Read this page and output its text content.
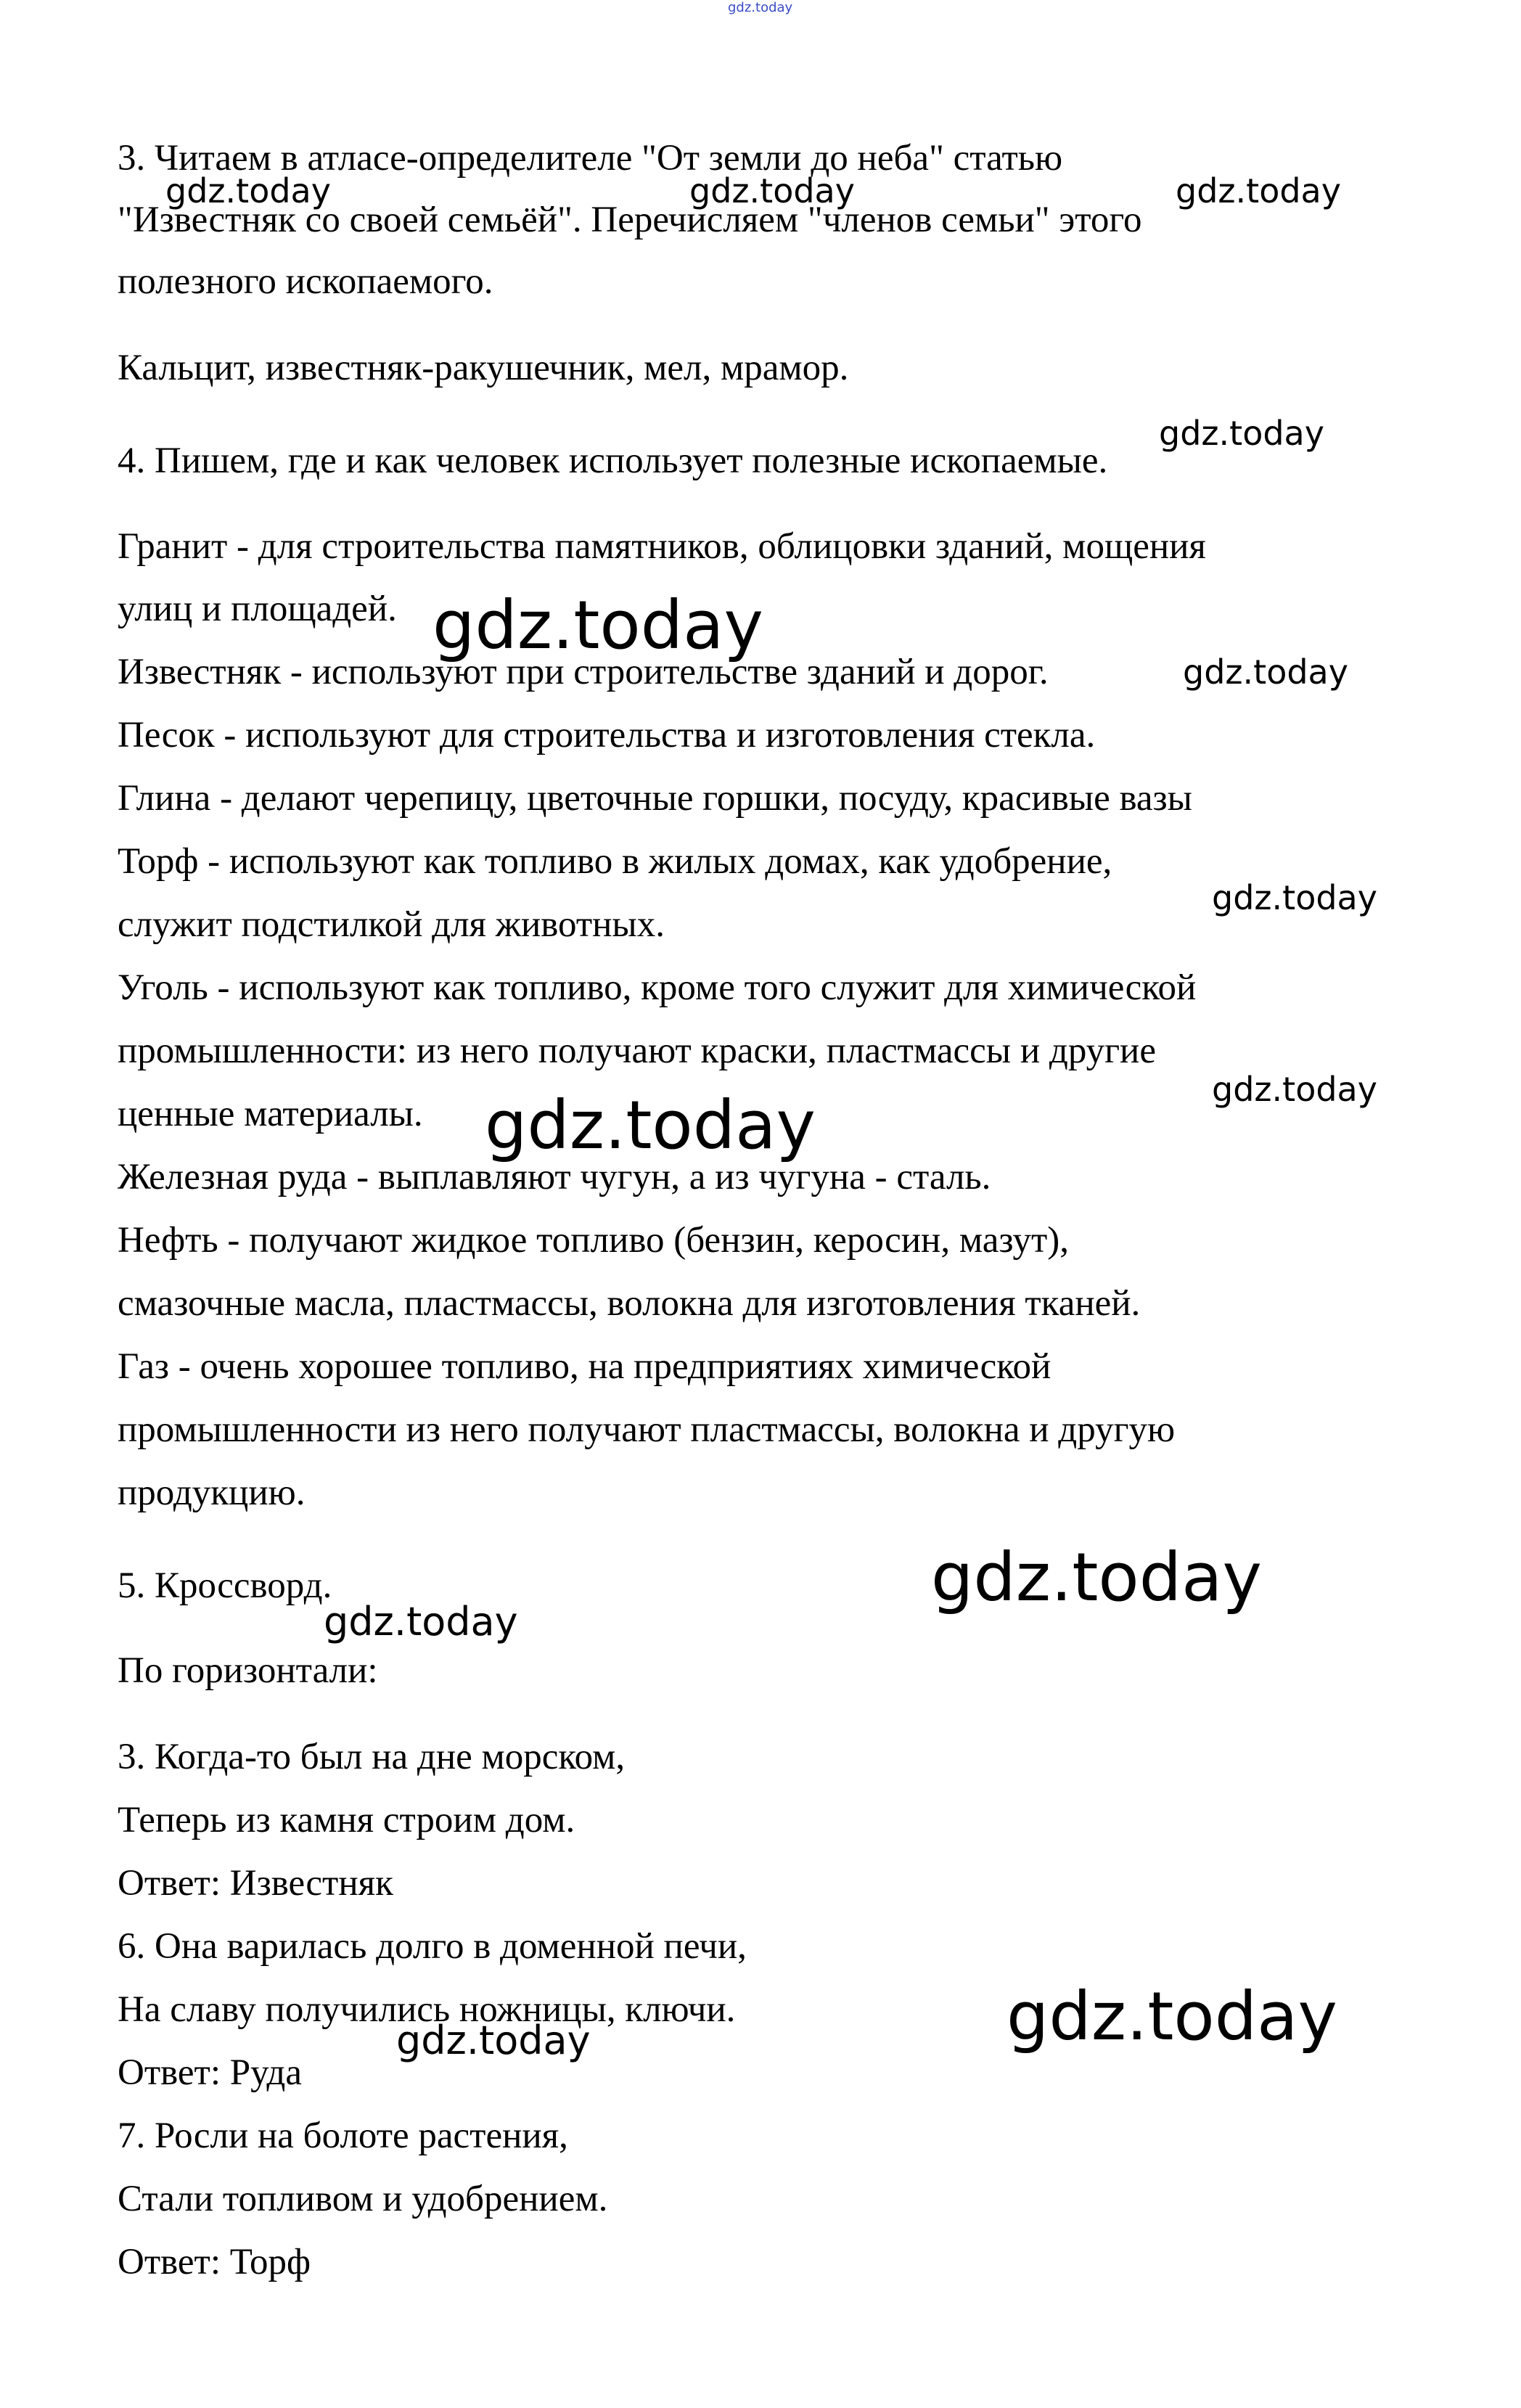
gdz.today
3. Читаем в атласе-определителе "От земли до неба" статью
"Известняк со своей семьёй". Перечисляем "членов семьи" этого
полезного ископаемого.
Кальцит, известняк-ракушечник, мел, мрамор.
4. Пишем, где и как человек использует полезные ископаемые.
Гранит - для строительства памятников, облицовки зданий, мощения
улиц и площадей.
Известняк - используют при строительстве зданий и дорог.
Песок - используют для строительства и изготовления стекла.
Глина - делают черепицу, цветочные горшки, посуду, красивые вазы
Торф - используют как топливо в жилых домах, как удобрение,
служит подстилкой для животных.
Уголь - используют как топливо, кроме того служит для химической
промышленности: из него получают краски, пластмассы и другие
ценные материалы.
Железная руда - выплавляют чугун, а из чугуна - сталь.
Нефть - получают жидкое топливо (бензин, керосин, мазут),
смазочные масла, пластмассы, волокна для изготовления тканей.
Газ - очень хорошее топливо, на предприятиях химической
промышленности из него получают пластмассы, волокна и другую
продукцию.
5. Кроссворд.
По горизонтали:
3. Когда-то был на дне морском,
Теперь из камня строим дом.
Ответ: Известняк
6. Она варилась долго в доменной печи,
На славу получились ножницы, ключи.
Ответ: Руда
7. Росли на болоте растения,
Стали топливом и удобрением.
Ответ: Торф
gdz.today	gdz.today	gdz.today
gdz.today
gdz.today
gdz.today
gdz.today
gdz.today
gdz.today
gdz.today
gdz.today
gdz.today
gdz.today
